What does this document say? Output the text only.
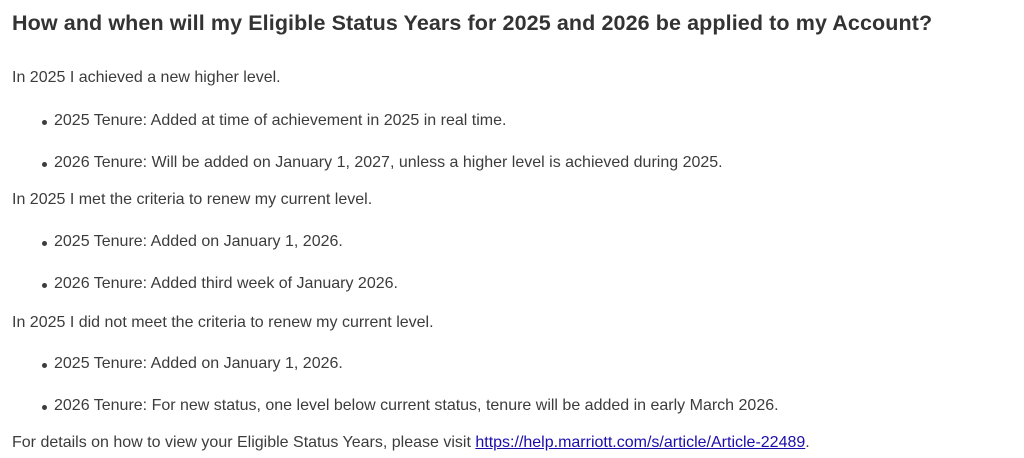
How and when will my Eligible Status Years for 2025 and 2026 be applied to my Account?

In 2025 I achieved a new higher level.

2025 Tenure: Added at time of achievement in 2025 in real time.
2026 Tenure: Will be added on January 1, 2027, unless a higher level is achieved during 2025.

In 2025 I met the criteria to renew my current level.

2025 Tenure: Added on January 1, 2026.
2026 Tenure: Added third week of January 2026.

In 2025 I did not meet the criteria to renew my current level.

2025 Tenure: Added on January 1, 2026.
2026 Tenure: For new status, one level below current status, tenure will be added in early March 2026.

For details on how to view your Eligible Status Years, please visit https://help.marriott.com/s/article/Article-22489.
